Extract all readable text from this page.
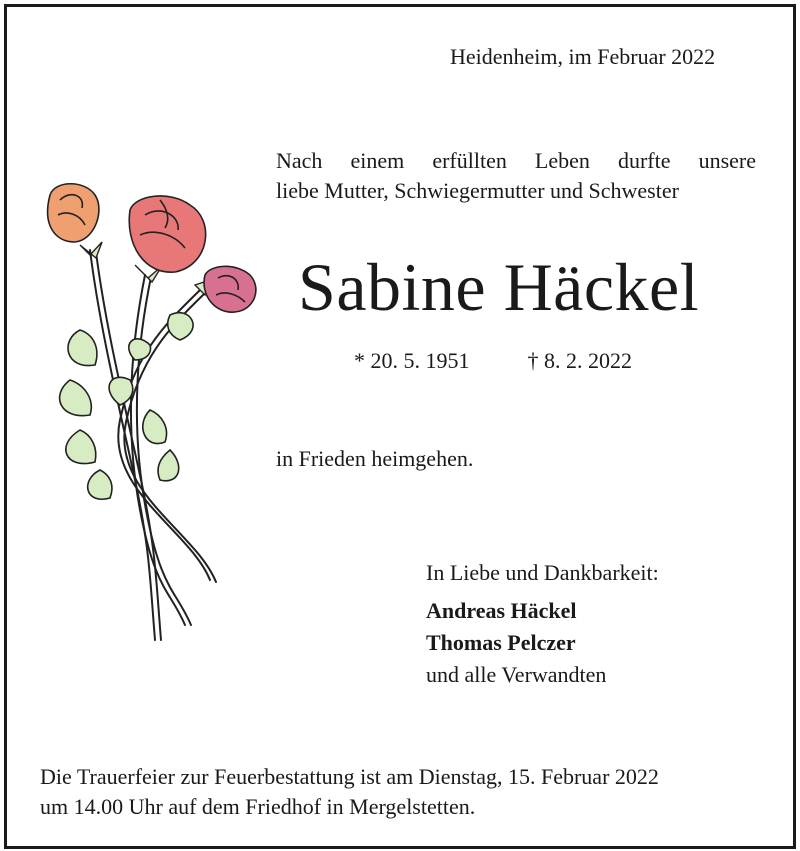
Heidenheim, im Februar 2022
Nach einem erfüllten Leben durfte unsere
liebe Mutter, Schwiegermutter und Schwester
Sabine Häckel
* 20. 5. 1951	† 8. 2. 2022
in Frieden heimgehen.
In Liebe und Dankbarkeit:
Andreas Häckel
Thomas Pelczer
und alle Verwandten
Die Trauerfeier zur Feuerbestattung ist am Dienstag, 15. Februar 2022
um 14.00 Uhr auf dem Friedhof in Mergelstetten.
